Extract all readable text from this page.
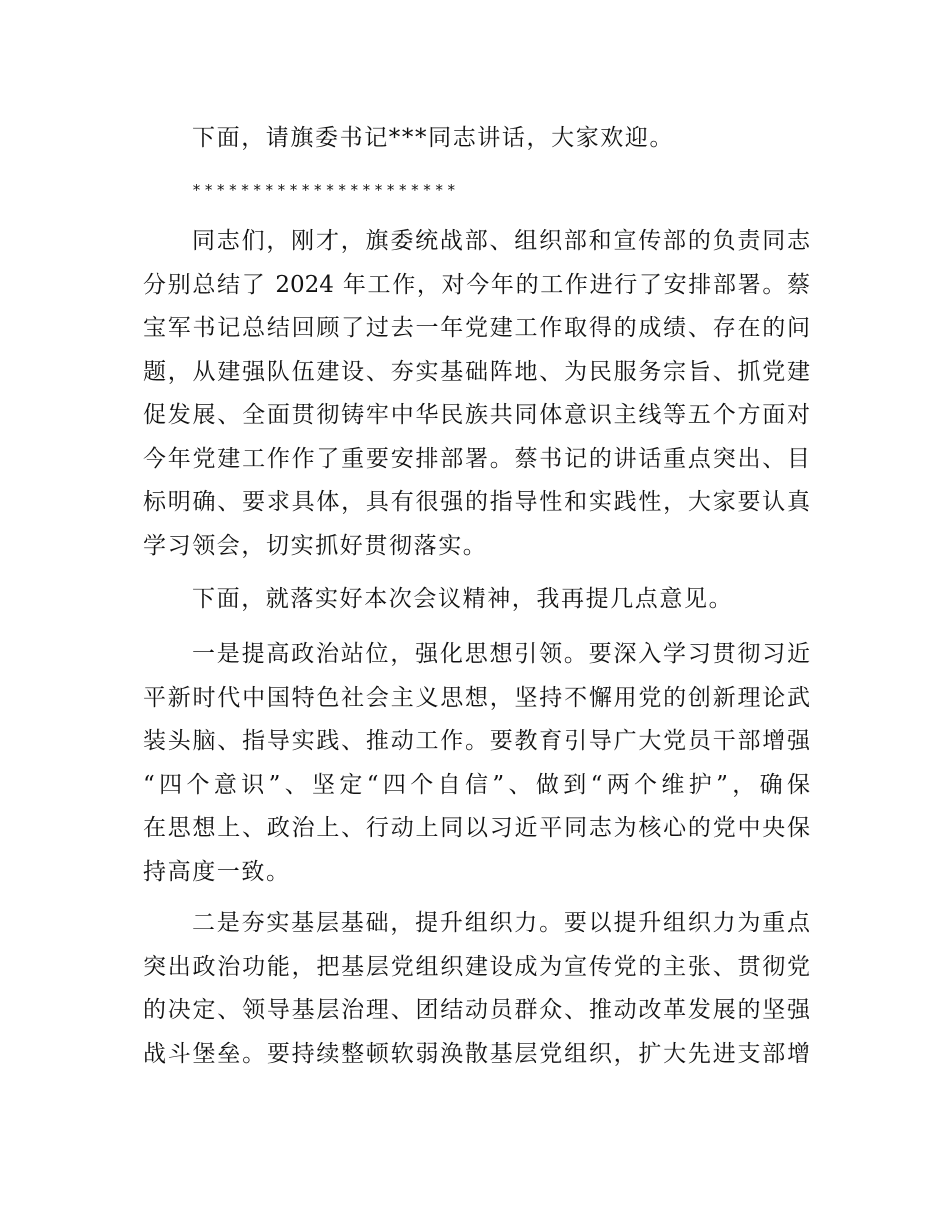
下面，请旗委书记***同志讲话，大家欢迎。

**********************

同志们，刚才，旗委统战部、组织部和宣传部的负责同志
分别总结了 2024 年工作，对今年的工作进行了安排部署。蔡
宝军书记总结回顾了过去一年党建工作取得的成绩、存在的问
题，从建强队伍建设、夯实基础阵地、为民服务宗旨、抓党建
促发展、全面贯彻铸牢中华民族共同体意识主线等五个方面对
今年党建工作作了重要安排部署。蔡书记的讲话重点突出、目
标明确、要求具体，具有很强的指导性和实践性，大家要认真
学习领会，切实抓好贯彻落实。

下面，就落实好本次会议精神，我再提几点意见。

一是提高政治站位，强化思想引领。要深入学习贯彻习近
平新时代中国特色社会主义思想，坚持不懈用党的创新理论武
装头脑、指导实践、推动工作。要教育引导广大党员干部增强
“四个意识”、坚定“四个自信”、做到“两个维护”，确保
在思想上、政治上、行动上同以习近平同志为核心的党中央保
持高度一致。

二是夯实基层基础，提升组织力。要以提升组织力为重点
突出政治功能，把基层党组织建设成为宣传党的主张、贯彻党
的决定、领导基层治理、团结动员群众、推动改革发展的坚强
战斗堡垒。要持续整顿软弱涣散基层党组织，扩大先进支部增
